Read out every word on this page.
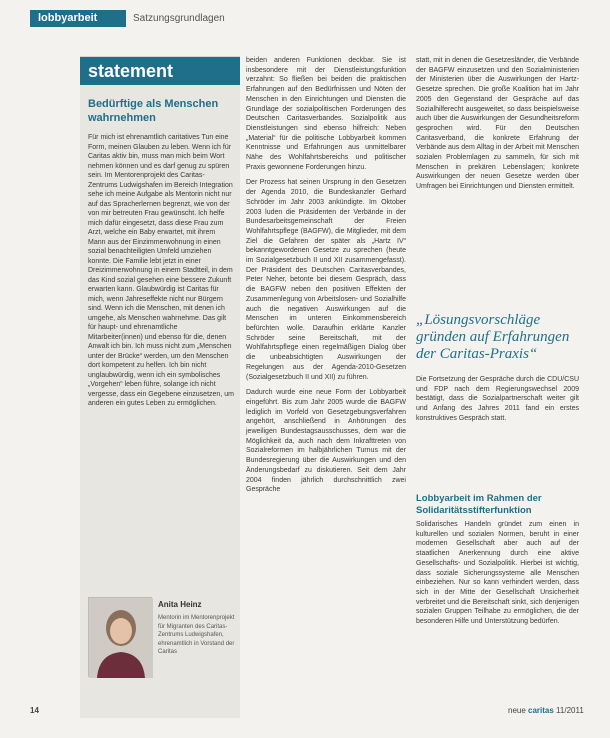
lobbyarbeit	Satzungsgrundlagen
statement
Bedürftige als Menschen wahrnehmen
Für mich ist ehrenamtlich caritatives Tun eine Form, meinen Glauben zu leben. Wenn ich für Caritas aktiv bin, muss man mich beim Wort nehmen können und es darf genug zu spüren sein. Im Mentorenprojekt des Caritas-Zentrums Ludwigshafen im Bereich Integration sehe ich meine Aufgabe als Mentorin nicht nur auf das Spracherlernen begrenzt, wie von der von mir betreuten Frau gewünscht. Ich helfe mich dafür eingesetzt, dass diese Frau zum Arzt, welche ein Baby erwartet, mit ihrem Mann aus der Einzimmerwohnung in einen sozial benachteiligten Umfeld umziehen konnte. Die Familie lebt jetzt in einer Dreizimmerwohnung in einem Stadtteil, in dem das Kind sozial gesehen eine bessere Zukunft erwarten kann. Glaubwürdig ist Caritas für mich, wenn Jahreseffekte nicht nur Bürgern sind. Wenn ich die Menschen, mit denen ich umgehe, als Menschen wahrnehme. Das gilt für haupt- und ehrenamtliche Mitarbeiter(innen) und ebenso für die, denen Anwalt ich bin. Ich muss nicht zum „Menschen unter der Brücke“ werden, um den Menschen dort kompetent zu helfen. Ich bin nicht unglaubwürdig, wenn ich ein symbolisches „Vorgehen“ leben führe, solange ich nicht vergesse, dass ein Gegebene einzusetzen, um anderen ein gutes Leben zu ermöglichen.
Anita Heinz
Mentorin im Mentorenprojekt für Migranten des Caritas-Zentrums Ludwigshafen, ehrenamtlich in Vorstand der Caritas

beiden anderen Funktionen deckbar. Sie ist insbesondere mit der Dienstleistungsfunktion verzahnt: So fließen bei beiden die praktischen Erfahrungen auf den Bedürfnissen und Nöten der Menschen in den Einrichtungen und Diensten die Grundlage der sozialpolitischen Forderungen des Deutschen Caritasverbandes. Sozialpolitik aus Dienstleistungen sind ebenso hilfreich: Neben „Material“ für die politische Lobbyarbeit kommen Kenntnisse und Erfahrungen aus unmittelbarer Nähe des Wohlfahrtsbereichs und politischer Praxis gewonnene Forderungen hinzu.

Der Prozess hat seinen Ursprung in den Gesetzen der Agenda 2010, die Bundeskanzler Gerhard Schröder im Jahr 2003 ankündigte. Im Oktober 2003 luden die Präsidenten der Verbände in der Bundesarbeitsgemeinschaft der Freien Wohlfahrtspflege (BAGFW), die Mitglieder, mit dem Ziel die Gefahren der später als „Hartz IV“ bekanntgewordenen Gesetze zu sprechen (heute im Sozialgesetzbuch II und XII zusammengefasst). Der Präsident des Deutschen Caritasverbandes, Peter Neher, betonte bei diesem Gespräch, dass die BAGFW neben den positiven Effekten der Zusammenlegung von Arbeitslosen- und Sozialhilfe auch die negativen Auswirkungen auf die Menschen im unteren Einkommensbereich befürchten wolle. Daraufhin erklärte Kanzler Schröder seine Bereitschaft, mit der Wohlfahrtspflege einen regelmäßigen Dialog über die unbeabsichtigten Auswirkungen der Regelungen aus der Agenda-2010-Gesetzen (Sozialgesetzbuch II und XII) zu führen.

Dadurch wurde eine neue Form der Lobbyarbeit eingeführt. Bis zum Jahr 2005 wurde die BAGFW lediglich im Vorfeld von Gesetzgebungsverfahren angehört, anschließend in Anhörungen des jeweiligen Bundestagsausschusses, dem war die Möglichkeit da, auch nach dem Inkrafttreten von Sozialreformen im halbjährlichen Turnus mit der Bundesregierung über die Auswirkungen und den Änderungsbedarf zu diskutieren. Seit dem Jahr 2004 finden jährlich durchschnittlich zwei Gespräche

statt, mit in denen die Gesetzesländer, die Verbände der BAGFW einzusetzen und den Sozialministerien der Ministerien über die Auswirkungen der Hartz-Gesetze sprechen. Die große Koalition hat im Jahr 2005 den Gegenstand der Gespräche auf das Sozialhilferecht ausgeweitet, so dass beispielsweise auch über die Auswirkungen der Gesundheitsreform gesprochen wird. Für den Deutschen Caritasverband, die konkrete Erfahrung der Verbände aus dem Alltag in der Arbeit mit Menschen sozialen Problemlagen zu sammeln, für sich mit Menschen in prekären Lebenslagen; konkrete Auswirkungen der neuen Gesetze werden über Umfragen bei Einrichtungen und Diensten ermittelt.

„Lösungsvorschläge gründen auf Erfahrungen der Caritas-Praxis“

Die Fortsetzung der Gespräche durch die CDU/CSU und FDP nach dem Regierungswechsel 2009 bestätigt, dass die Sozialpartnerschaft weiter gilt und Anfang des Jahres 2011 fand ein erstes konstruktives Gespräch statt.

Lobbyarbeit im Rahmen der Solidaritätsstifterfunktion

Solidarisches Handeln gründet zum einen in kulturellen und sozialen Normen, beruht in einer modernen Gesellschaft aber auch auf der staatlichen Anerkennung durch eine aktive Gesellschafts- und Sozialpolitik. Hierbei ist wichtig, dass soziale Sicherungssysteme alle Menschen einbeziehen. Nur so kann verhindert werden, dass sich in der Mitte der Gesellschaft Unsicherheit verbreitet und die Bereitschaft sinkt, sich denjenigen sozialen Gruppen Teilhabe zu ermöglichen, die der besonderen Hilfe und Unterstützung bedürfen.

14	neue caritas 11/2011
